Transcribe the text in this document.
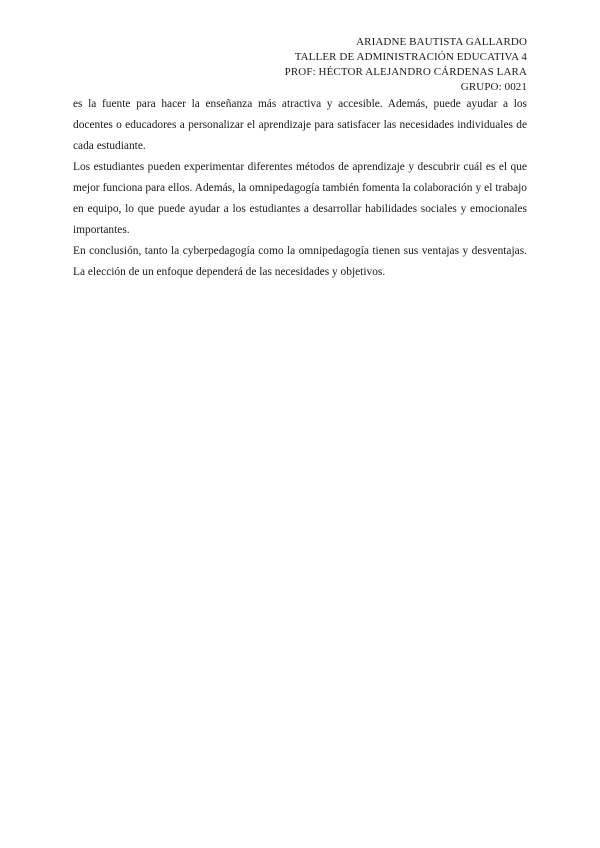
ARIADNE BAUTISTA GALLARDO
TALLER DE ADMINISTRACIÓN EDUCATIVA 4
PROF: HÉCTOR ALEJANDRO CÁRDENAS LARA
GRUPO: 0021

es la fuente para hacer la enseñanza más atractiva y accesible. Además, puede ayudar a los docentes o educadores a personalizar el aprendizaje para satisfacer las necesidades individuales de cada estudiante.

Los estudiantes pueden experimentar diferentes métodos de aprendizaje y descubrir cuál es el que mejor funciona para ellos. Además, la omnipedagogía también fomenta la colaboración y el trabajo en equipo, lo que puede ayudar a los estudiantes a desarrollar habilidades sociales y emocionales importantes.

En conclusión, tanto la cyberpedagogía como la omnipedagogía tienen sus ventajas y desventajas. La elección de un enfoque dependerá de las necesidades y objetivos.
